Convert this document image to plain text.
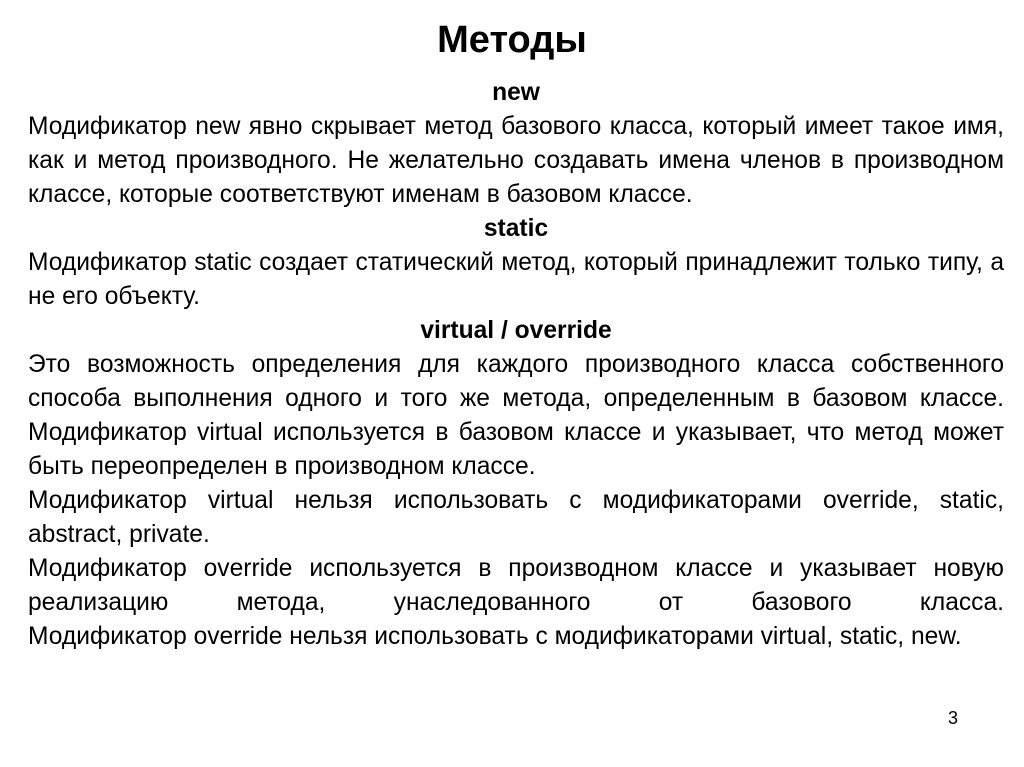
Методы

new

Модификатор new явно скрывает метод базового класса, который имеет такое имя, как и метод производного. Не желательно создавать имена членов в производном классе, которые соответствуют именам в базовом классе.

static

Модификатор static создает статический метод, который принадлежит только типу, а не его объекту.

virtual / override

Это возможность определения для каждого производного класса собственного способа выполнения одного и того же метода, определенным в базовом классе. Модификатор virtual используется в базовом классе и указывает, что метод может быть переопределен в производном классе.

Модификатор virtual нельзя использовать с модификаторами override, static, abstract, private.

Модификатор override используется в производном классе и указывает новую реализацию метода, унаследованного от базового класса.

Модификатор override нельзя использовать с модификаторами virtual, static, new.

3
